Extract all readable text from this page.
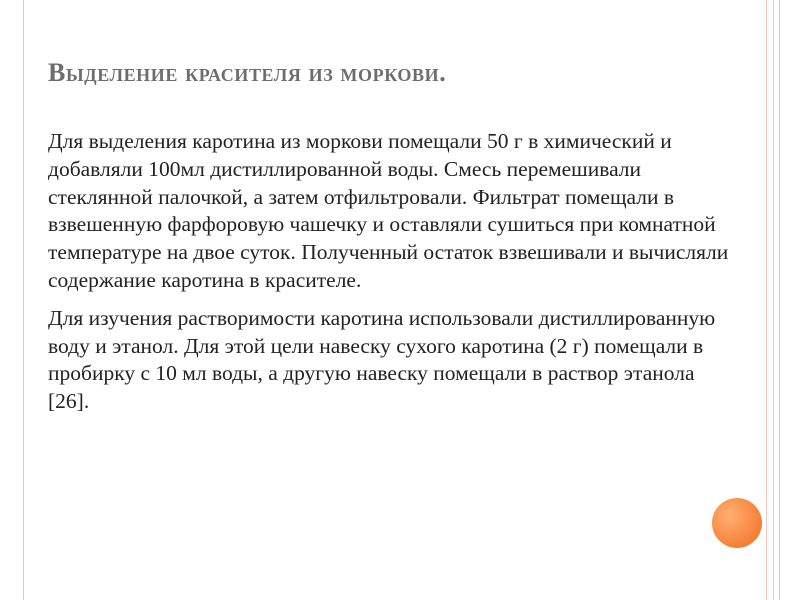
Выделение красителя из моркови.

Для выделения каротина из моркови помещали 50 г в химический и добавляли 100мл дистиллированной воды. Смесь перемешивали стеклянной палочкой, а затем отфильтровали. Фильтрат помещали в взвешенную фарфоровую чашечку и оставляли сушиться при комнатной температуре на двое суток. Полученный остаток взвешивали и вычисляли содержание каротина в красителе.

Для изучения растворимости каротина использовали дистиллированную воду и этанол. Для этой цели навеску сухого каротина (2 г) помещали в пробирку с 10 мл воды, а другую навеску помещали в раствор этанола [26].
